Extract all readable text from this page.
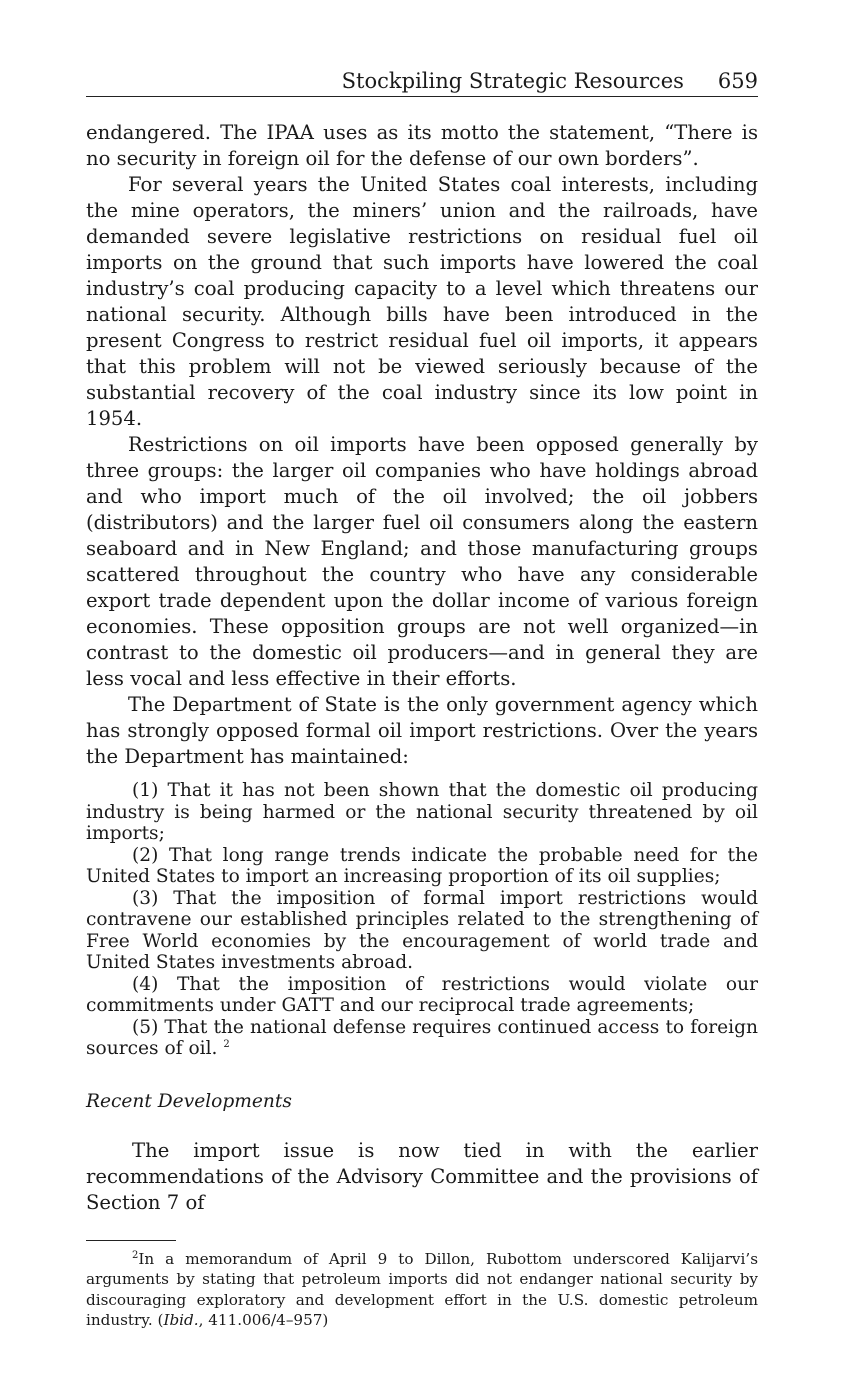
Stockpiling Strategic Resources 659

endangered. The IPAA uses as its motto the statement, “There is no security in foreign oil for the defense of our own borders”.

For several years the United States coal interests, including the mine operators, the miners’ union and the railroads, have demanded severe legislative restrictions on residual fuel oil imports on the ground that such imports have lowered the coal industry’s coal producing capacity to a level which threatens our national security. Although bills have been introduced in the present Congress to restrict residual fuel oil imports, it appears that this problem will not be viewed seriously because of the substantial recovery of the coal industry since its low point in 1954.

Restrictions on oil imports have been opposed generally by three groups: the larger oil companies who have holdings abroad and who import much of the oil involved; the oil jobbers (distributors) and the larger fuel oil consumers along the eastern seaboard and in New England; and those manufacturing groups scattered throughout the country who have any considerable export trade dependent upon the dollar income of various foreign economies. These opposition groups are not well organized—in contrast to the domestic oil producers—and in general they are less vocal and less effective in their efforts.

The Department of State is the only government agency which has strongly opposed formal oil import restrictions. Over the years the Department has maintained:

(1) That it has not been shown that the domestic oil producing industry is being harmed or the national security threatened by oil imports;

(2) That long range trends indicate the probable need for the United States to import an increasing proportion of its oil supplies;

(3) That the imposition of formal import restrictions would contravene our established principles related to the strengthening of Free World economies by the encouragement of world trade and United States investments abroad.

(4) That the imposition of restrictions would violate our commitments under GATT and our reciprocal trade agreements;

(5) That the national defense requires continued access to foreign sources of oil. $^2$

Recent Developments

The import issue is now tied in with the earlier recommendations of the Advisory Committee and the provisions of Section 7 of

$^2$In a memorandum of April 9 to Dillon, Rubottom underscored Kalijarvi’s arguments by stating that petroleum imports did not endanger national security by discouraging exploratory and development effort in the U.S. domestic petroleum industry. (Ibid., 411.006/4–957)
